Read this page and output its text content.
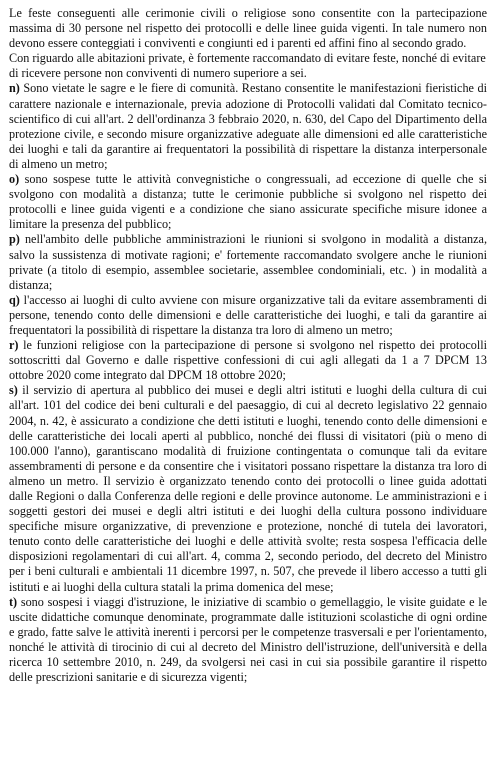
Le feste conseguenti alle cerimonie civili o religiose sono consentite con la partecipazione massima di 30 persone nel rispetto dei protocolli e delle linee guida vigenti. In tale numero non devono essere conteggiati i conviventi e congiunti ed i parenti ed affini fino al secondo grado.

Con riguardo alle abitazioni private, è fortemente raccomandato di evitare feste, nonché di evitare di ricevere persone non conviventi di numero superiore a sei.

n) Sono vietate le sagre e le fiere di comunità. Restano consentite le manifestazioni fieristiche di carattere nazionale e internazionale, previa adozione di Protocolli validati dal Comitato tecnico-scientifico di cui all'art. 2 dell'ordinanza 3 febbraio 2020, n. 630, del Capo del Dipartimento della protezione civile, e secondo misure organizzative adeguate alle dimensioni ed alle caratteristiche dei luoghi e tali da garantire ai frequentatori la possibilità di rispettare la distanza interpersonale di almeno un metro;

o) sono sospese tutte le attività convegnistiche o congressuali, ad eccezione di quelle che si svolgono con modalità a distanza; tutte le cerimonie pubbliche si svolgono nel rispetto dei protocolli e linee guida vigenti e a condizione che siano assicurate specifiche misure idonee a limitare la presenza del pubblico;

p) nell'ambito delle pubbliche amministrazioni le riunioni si svolgono in modalità a distanza, salvo la sussistenza di motivate ragioni; e' fortemente raccomandato svolgere anche le riunioni private (a titolo di esempio, assemblee societarie, assemblee condominiali, etc. ) in modalità a distanza;

q) l'accesso ai luoghi di culto avviene con misure organizzative tali da evitare assembramenti di persone, tenendo conto delle dimensioni e delle caratteristiche dei luoghi, e tali da garantire ai frequentatori la possibilità di rispettare la distanza tra loro di almeno un metro;

r) le funzioni religiose con la partecipazione di persone si svolgono nel rispetto dei protocolli sottoscritti dal Governo e dalle rispettive confessioni di cui agli allegati da 1 a 7 DPCM 13 ottobre 2020 come integrato dal DPCM 18 ottobre 2020;

s) il servizio di apertura al pubblico dei musei e degli altri istituti e luoghi della cultura di cui all'art. 101 del codice dei beni culturali e del paesaggio, di cui al decreto legislativo 22 gennaio 2004, n. 42, è assicurato a condizione che detti istituti e luoghi, tenendo conto delle dimensioni e delle caratteristiche dei locali aperti al pubblico, nonché dei flussi di visitatori (più o meno di 100.000 l'anno), garantiscano modalità di fruizione contingentata o comunque tali da evitare assembramenti di persone e da consentire che i visitatori possano rispettare la distanza tra loro di almeno un metro. Il servizio è organizzato tenendo conto dei protocolli o linee guida adottati dalle Regioni o dalla Conferenza delle regioni e delle province autonome. Le amministrazioni e i soggetti gestori dei musei e degli altri istituti e dei luoghi della cultura possono individuare specifiche misure organizzative, di prevenzione e protezione, nonché di tutela dei lavoratori, tenuto conto delle caratteristiche dei luoghi e delle attività svolte; resta sospesa l'efficacia delle disposizioni regolamentari di cui all'art. 4, comma 2, secondo periodo, del decreto del Ministro per i beni culturali e ambientali 11 dicembre 1997, n. 507, che prevede il libero accesso a tutti gli istituti e ai luoghi della cultura statali la prima domenica del mese;

t) sono sospesi i viaggi d'istruzione, le iniziative di scambio o gemellaggio, le visite guidate e le uscite didattiche comunque denominate, programmate dalle istituzioni scolastiche di ogni ordine e grado, fatte salve le attività inerenti i percorsi per le competenze trasversali e per l'orientamento, nonché le attività di tirocinio di cui al decreto del Ministro dell'istruzione, dell'università e della ricerca 10 settembre 2010, n. 249, da svolgersi nei casi in cui sia possibile garantire il rispetto delle prescrizioni sanitarie e di sicurezza vigenti;
